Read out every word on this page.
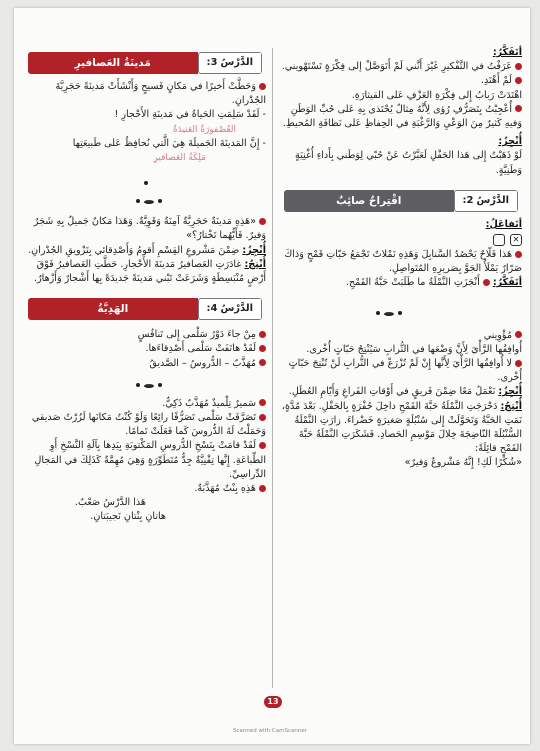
أتَفَكَّرُ:

عَرَفْتُ في التَّفْكيرِ غَيْرَ أَنَّني لَمْ أَتَوَصَّلْ إلى فِكْرَةٍ تَسْتَهْويني.

لَمْ أَهْتَدِ.

اهْتَدَتْ رَبابُ إِلى فِكْرَةِ العَزْفِ عَلى القيثارَةِ.

أُعْجِبْتُ بِتَصَرُّفِ رُؤى لِأَنَّهُ مِثالٌ يُحْتَذى بِهِ عَلى حُبِّ الوَطَنِ وَفيهِ كَثيرٌ مِنَ الوَعْيِ وَالرَّغْبَةِ في الحِفاظِ عَلى نَظافَةِ المُحيطِ.

أُنْجِزُ:

لَوْ ذَهَبْتُ إِلى هَذا الحَفْلِ لَعَبَّرْتُ عَنْ حُبّي لِوَطَني بِأَداءِ أُغْنِيَةٍ وَطَنِيَّةٍ.

الدَّرْسُ
2:
اقْتِراحٌ صائِبٌ

أتَفاعَلُ:

✕

هَذا فَلّاحٌ يَحْصُدُ السَّنابِلَ وَهَذِهِ نَمْلاتٌ تَجْمَعُ حَبّاتِ قَمْحٍ وَذاكَ صَرّارٌ يَمْلَأُ الجَوَّ بِصَريرِهِ المُتَواصِلِ.

أتَفَكَّرُ: أَنْجَزَتِ النَّمْلَةُ ما طَلَبَتْ حَبَّةُ القَمْحِ.

مُؤْوِيني

أُوافِقُها الرَّأْيَ لِأَنَّ وَضْعَها في التُّرابِ سَيُنْتِجُ حَبّاتٍ أُخْرى.

لا أُوافِقُها الرَّأْيَ لِأَنَّها إِنْ لَمْ تُزْرَعْ في التُّرابِ لَنْ تُنْتِجَ حَبّاتٍ أُخْرى.

أُنْجِزُ: نَعْمَلُ مَعًا ضِمْنَ فَريقٍ في أَوْقاتِ الفَراغِ وَأَيّامِ العُطَلِ.

أُنْتِجُ: دَحْرَجَتِ النَّمْلَةُ حَبَّةَ القَمْحِ داخِلَ حُفْرَةٍ بِالحَقْلِ. بَعْدَ مُدَّةٍ، نَمَتِ الحَبَّةُ وَتَحَوَّلَتْ إِلى سُنْبُلَةٍ صَغيرَةٍ خَضْراءَ. زارَتِ النَّمْلَةُ السُّنْبُلَةَ النّاضِجَةَ خِلالَ مَوْسِمِ الحَصادِ. فَشَكَرَتِ النَّمْلَةُ حَبَّةَ القَمْحِ قائِلَةً:

«شُكْرًا لَكِ! إِنَّهُ مَشْروعٌ وَفيرٌ»

الدَّرْسُ
3:
مَدينَةُ العَصافيرِ

وَحَطَّتْ أَخيرًا في مَكانٍ فَسيحٍ وَأَنْشَأَتْ مَدينَةً حَجَرِيَّةَ الجُدْرانِ.

- لَقَدْ سَلِمَتِ الحَياةُ في مَدينَةِ الأَحْجارِ !

العُصْفورَةُ العَنيدَةُ

- إِنَّ المَدينَةَ الجَميلَةَ هِيَ الَّتي نُحافِظُ عَلى طَبيعَتِها

مَلِكَةُ العَصافيرِ

«هَذِهِ مَدينَةٌ حَجَرِيَّةٌ آمِنَةٌ وَقَوِيَّةٌ. وَهَذا مَكانٌ جَميلٌ بِهِ شَجَرٌ وَفيرٌ. فَأَيُّهُما تَخْتارُ؟»

أُنْجِزُ: ضِمْنَ مَشْروعِ القِسْمِ أَقومُ وَأَصْدِقائي بِتَزْويقِ الجُدْرانِ.

أُنْتِجُ: غادَرَتِ العَصافيرُ مَدينَةَ الأَحْجارِ. حَطَّتِ العَصافيرُ فَوْقَ أَرْضٍ مُنْبَسِطَةٍ وَشَرَعَتْ تَبْني مَدينَةً جَديدَةً بِها أَشْجارٌ وَأَزْهارٌ.

الدَّرْسُ
4:
الهَدِيَّةُ

مِنْ جاءَ دَوْرُ سَلْمى إِلى تَنافُسٍ

لَقَدْ هاتَفَتْ سَلْمى أَصْدِقاءَها.

مُهَذَّبٌ – الدُّروسُ – الصَّديقُ

سَميرٌ تِلْميذٌ مُهَذَّبٌ ذَكِيٌّ.

تَصَرَّفَتْ سَلْمى تَصَرُّفًا رائِعًا وَلَوْ كُنْتُ مَكانَها لَزُرْتُ صَديقي وَحَمَلْتُ لَهُ الدُّروسَ كَما فَعَلَتْ تَمامًا.

لَقَدْ قامَتْ بِنَسْخِ الدُّروسِ المَكْتوبَةِ بِيَدِها بِآلَةِ النَّسْخِ أَوِ الطِّباعَةِ. إِنَّها تِقْنِيَّةٌ جِدُّ مُتَطَوِّرَةٍ وَهِيَ مُهِمَّةٌ كَذَلِكَ في المَجالِ الدِّراسِيِّ.

هَذِهِ بِنْتٌ مُهَذَّبَةٌ.

هَذا الدَّرْسُ صَعْبٌ.

هاتانِ بِنْتانِ نَجيبَتانِ.

13
Scanned with CamScanner
